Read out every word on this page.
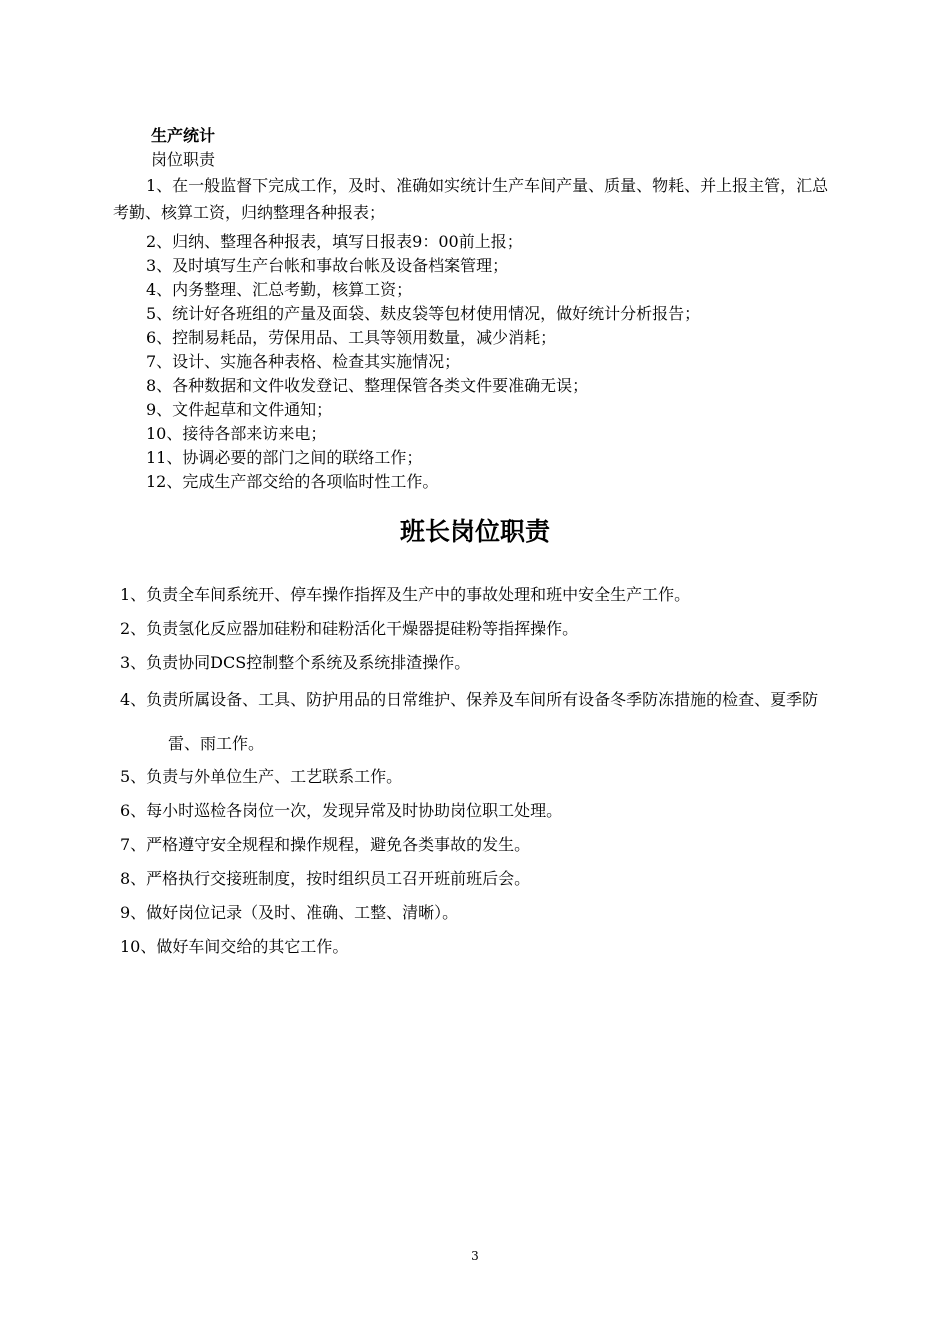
生产统计
岗位职责
1、在一般监督下完成工作，及时、准确如实统计生产车间产量、质量、物耗、并上报主管，汇总考勤、核算工资，归纳整理各种报表；
2、归纳、整理各种报表，填写日报表9：00前上报；
3、及时填写生产台帐和事故台帐及设备档案管理；
4、内务整理、汇总考勤，核算工资；
5、统计好各班组的产量及面袋、麸皮袋等包材使用情况，做好统计分析报告；
6、控制易耗品，劳保用品、工具等领用数量，减少消耗；
7、设计、实施各种表格、检查其实施情况；
8、各种数据和文件收发登记、整理保管各类文件要准确无误；
9、文件起草和文件通知；
10、接待各部来访来电；
11、协调必要的部门之间的联络工作；
12、完成生产部交给的各项临时性工作。
班长岗位职责
1、负责全车间系统开、停车操作指挥及生产中的事故处理和班中安全生产工作。
2、负责氢化反应器加硅粉和硅粉活化干燥器提硅粉等指挥操作。
3、负责协同DCS控制整个系统及系统排渣操作。
4、负责所属设备、工具、防护用品的日常维护、保养及车间所有设备冬季防冻措施的检查、夏季防雷、雨工作。
5、负责与外单位生产、工艺联系工作。
6、每小时巡检各岗位一次，发现异常及时协助岗位职工处理。
7、严格遵守安全规程和操作规程，避免各类事故的发生。
8、严格执行交接班制度，按时组织员工召开班前班后会。
9、做好岗位记录（及时、准确、工整、清晰）。
10、做好车间交给的其它工作。
3
